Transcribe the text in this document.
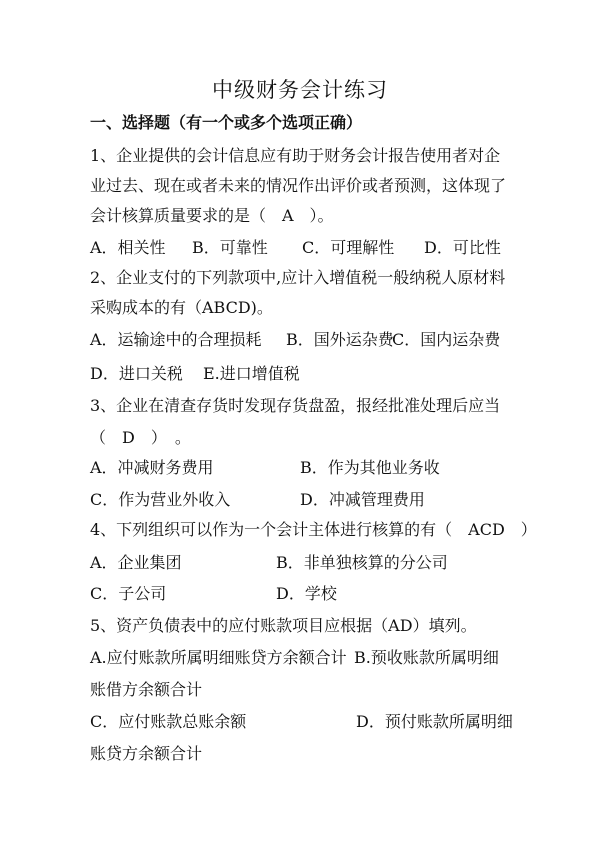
中级财务会计练习
一、选择题（有一个或多个选项正确）
1、企业提供的会计信息应有助于财务会计报告使用者对企
业过去、现在或者未来的情况作出评价或者预测，这体现了
会计核算质量要求的是（　A　）。
A．相关性 B．可靠性 C．可理解性 D．可比性
2、企业支付的下列款项中,应计入增值税一般纳税人原材料
采购成本的有（ABCD)。
A．运输途中的合理损耗 B．国外运杂费
C．国内运杂费
D．进口关税 E.进口增值税
3、企业在清查存货时发现存货盘盈，报经批准处理后应当
（　D　）　。
A．冲减财务费用	B．作为其他业务收
C．作为营业外收入	D．冲减管理费用
4、下列组织可以作为一个会计主体进行核算的有（　ACD　）
A．企业集团	B．非单独核算的分公司
C．子公司	D．学校
5、资产负债表中的应付账款项目应根据（AD）填列。
A.应付账款所属明细账贷方余额合计 B.预收账款所属明细
账借方余额合计
C．应付账款总账余额	D．预付账款所属明细
账贷方余额合计
